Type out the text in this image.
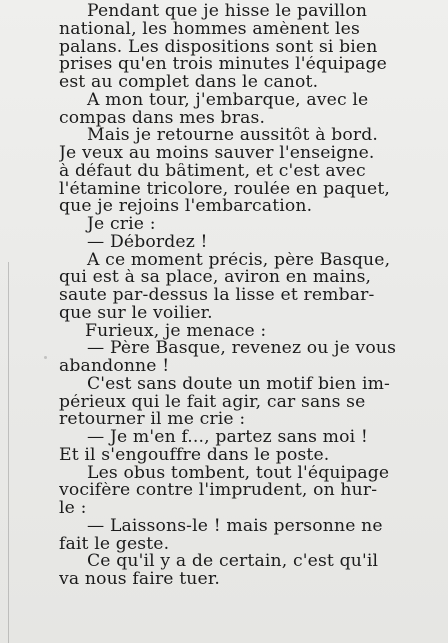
Pendant que je hisse le pavillon
national, les hommes amènent les
palans. Les dispositions sont si bien
prises qu'en trois minutes l'équipage
est au complet dans le canot.
A mon tour, j'embarque, avec le
compas dans mes bras.
Mais je retourne aussitôt à bord.
Je veux au moins sauver l'enseigne.
à défaut du bâtiment, et c'est avec
l'étamine tricolore, roulée en paquet,
que je rejoins l'embarcation.
Je crie :
— Débordez !
A ce moment précis, père Basque,
qui est à sa place, aviron en mains,
saute par-dessus la lisse et rembar-
que sur le voilier.
Furieux, je menace :
— Père Basque, revenez ou je vous
abandonne !
C'est sans doute un motif bien im-
périeux qui le fait agir, car sans se
retourner il me crie :
— Je m'en f..., partez sans moi !
Et il s'engouffre dans le poste.
Les obus tombent, tout l'équipage
vocifère contre l'imprudent, on hur-
le :
— Laissons-le ! mais personne ne
fait le geste.
Ce qu'il y a de certain, c'est qu'il
va nous faire tuer.
